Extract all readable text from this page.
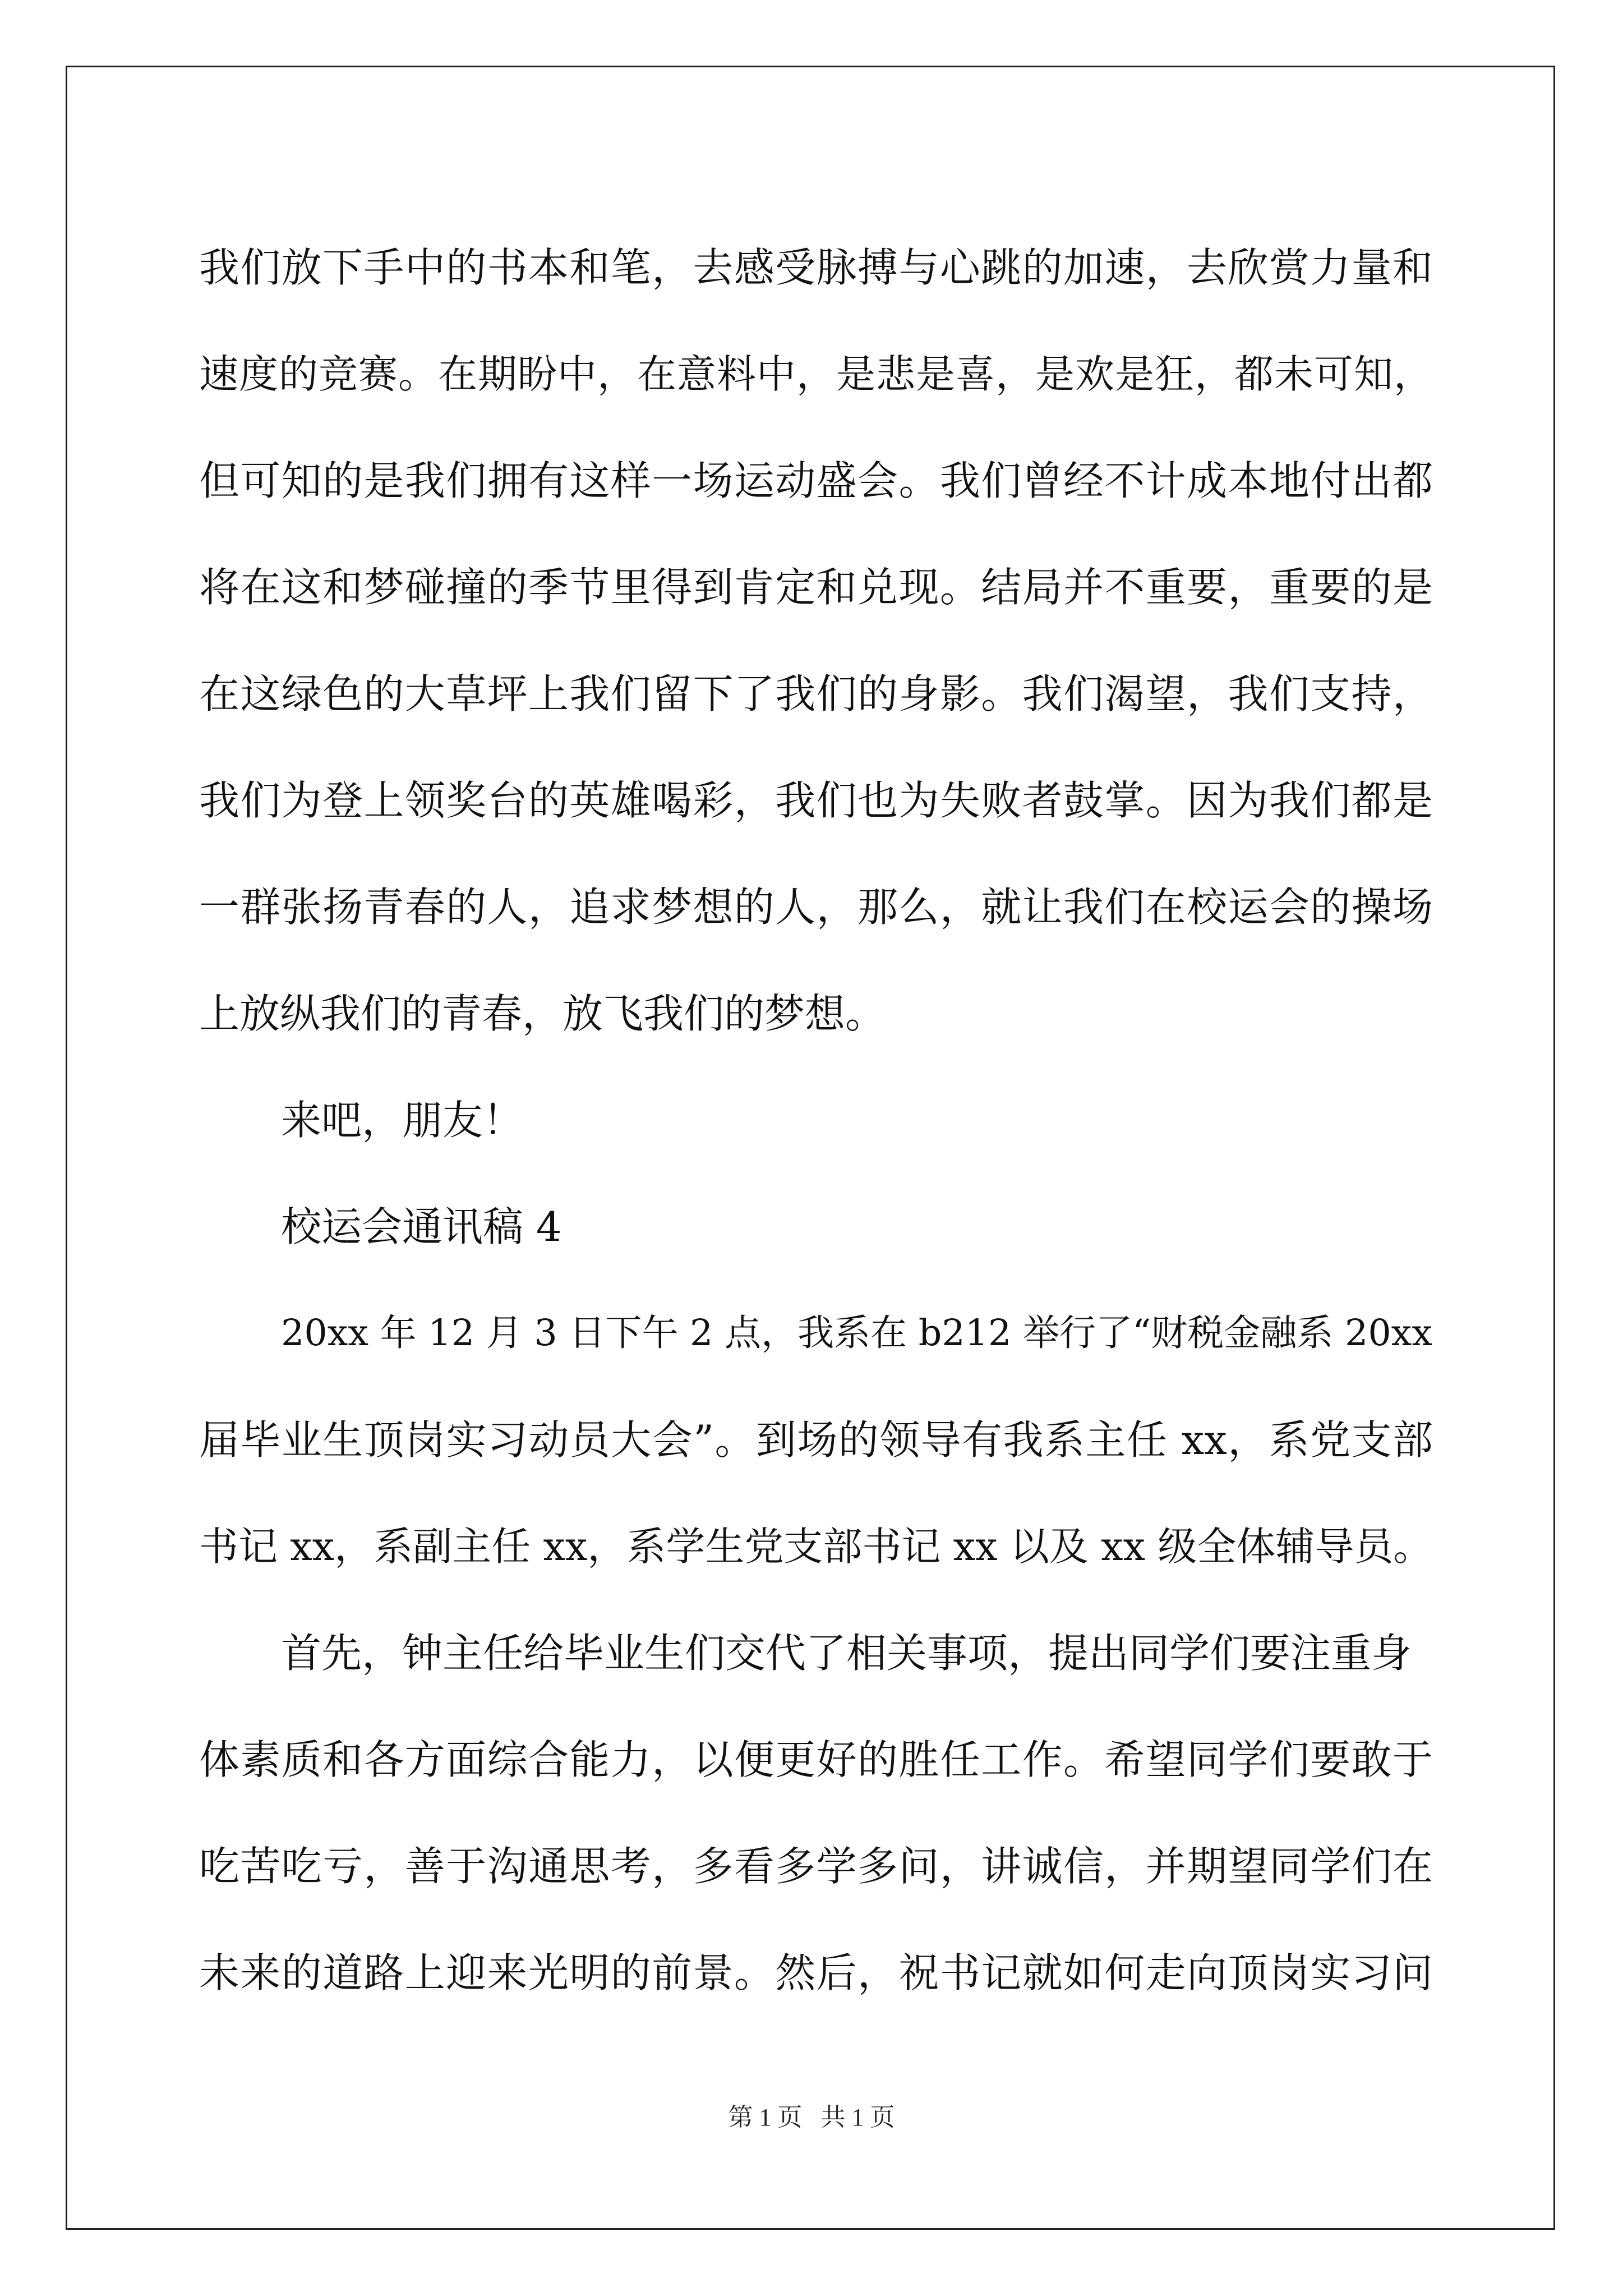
我们放下手中的书本和笔，去感受脉搏与心跳的加速，去欣赏力量和
速度的竞赛。在期盼中，在意料中，是悲是喜，是欢是狂，都未可知，
但可知的是我们拥有这样一场运动盛会。我们曾经不计成本地付出都
将在这和梦碰撞的季节里得到肯定和兑现。结局并不重要，重要的是
在这绿色的大草坪上我们留下了我们的身影。我们渴望，我们支持，
我们为登上领奖台的英雄喝彩，我们也为失败者鼓掌。因为我们都是
一群张扬青春的人，追求梦想的人，那么，就让我们在校运会的操场
上放纵我们的青春，放飞我们的梦想。
来吧，朋友！
校运会通讯稿 4
20xx 年 12 月 3 日下午 2 点，我系在 b212 举行了“财税金融系 20xx
届毕业生顶岗实习动员大会”。到场的领导有我系主任 xx，系党支部
书记 xx，系副主任 xx，系学生党支部书记 xx 以及 xx 级全体辅导员。
首先，钟主任给毕业生们交代了相关事项，提出同学们要注重身
体素质和各方面综合能力，以便更好的胜任工作。希望同学们要敢于
吃苦吃亏，善于沟通思考，多看多学多问，讲诚信，并期望同学们在
未来的道路上迎来光明的前景。然后，祝书记就如何走向顶岗实习问
第 1 页   共 1 页
